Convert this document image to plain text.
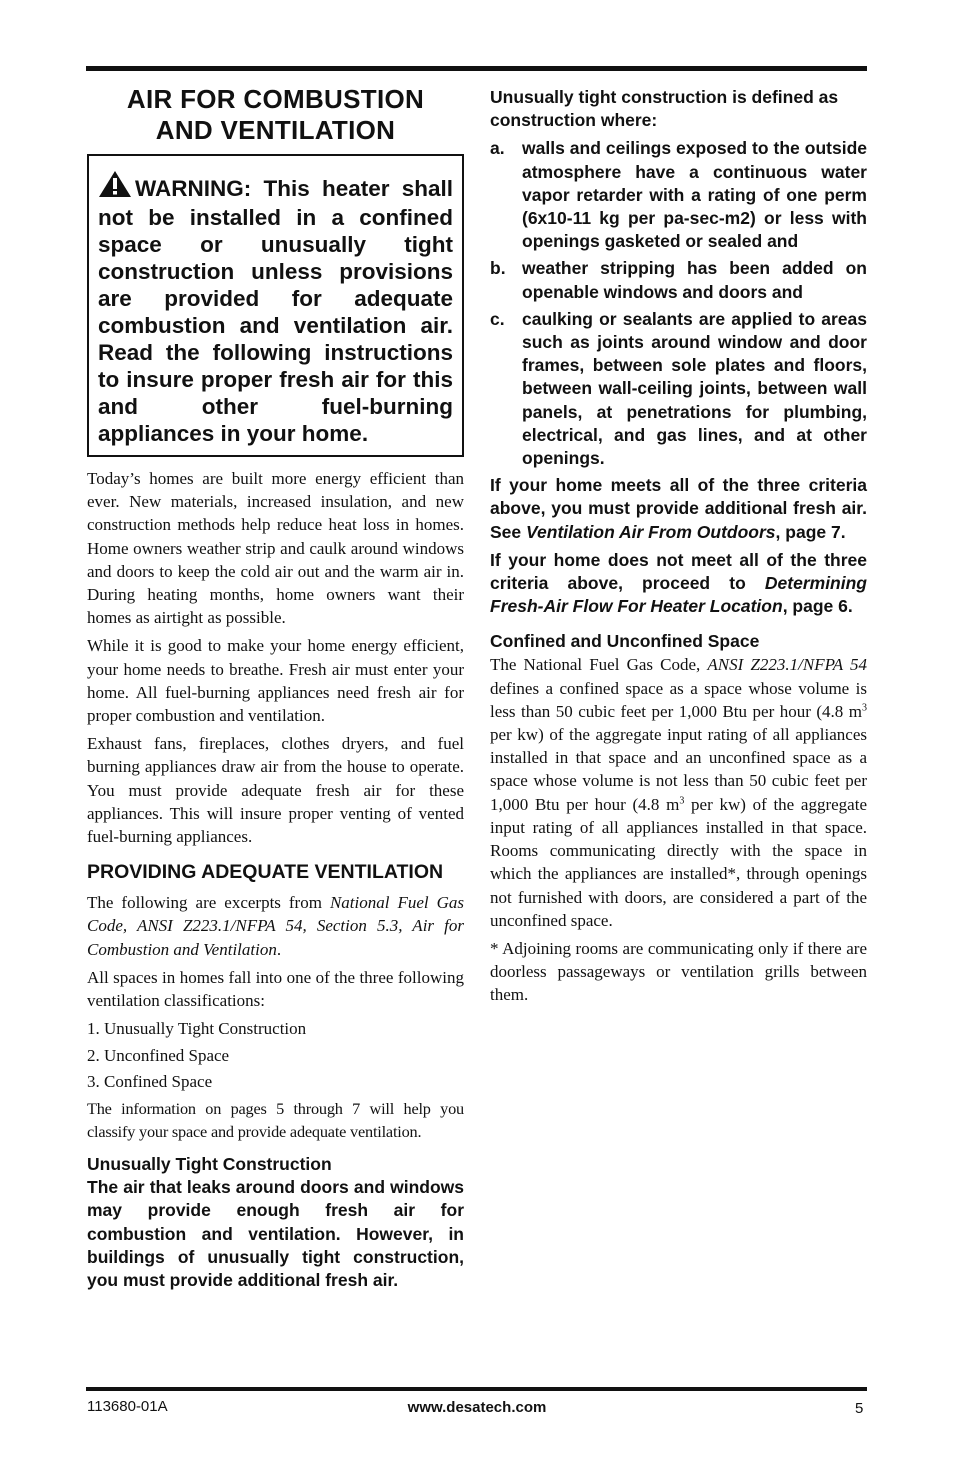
AIR FOR COMBUSTION
AND VENTILATION
WARNING: This heater shall not be installed in a confined space or unusually tight construction unless provisions are provided for adequate combustion and ventilation air. Read the following instructions to insure proper fresh air for this and other fuel-burning appliances in your home.

Today’s homes are built more energy efficient than ever. New materials, increased insulation, and new construction methods help reduce heat loss in homes. Home owners weather strip and caulk around windows and doors to keep the cold air out and the warm air in. During heating months, home owners want their homes as airtight as possible.

While it is good to make your home energy efficient, your home needs to breathe. Fresh air must enter your home. All fuel-burning appliances need fresh air for proper combustion and ventilation.

Exhaust fans, fireplaces, clothes dryers, and fuel burning appliances draw air from the house to operate. You must provide adequate fresh air for these appliances. This will insure proper venting of vented fuel-burning appliances.

PROVIDING ADEQUATE VENTILATION

The following are excerpts from National Fuel Gas Code, ANSI Z223.1/NFPA 54, Section 5.3, Air for Combustion and Ventilation.

All spaces in homes fall into one of the three following ventilation classifications:

1. Unusually Tight Construction
2. Unconfined Space
3. Confined Space

The information on pages 5 through 7 will help you classify your space and provide adequate ventilation.

Unusually Tight Construction

The air that leaks around doors and windows may provide enough fresh air for combustion and ventilation. However, in buildings of unusually tight construction, you must provide additional fresh air.

Unusually tight construction is defined as construction where:

a. walls and ceilings exposed to the outside atmosphere have a continuous water vapor retarder with a rating of one perm (6x10-11 kg per pa-sec-m2) or less with openings gasketed or sealed and
b. weather stripping has been added on openable windows and doors and
c. caulking or sealants are applied to areas such as joints around window and door frames, between sole plates and floors, between wall-ceiling joints, between wall panels, at penetrations for plumbing, electrical, and gas lines, and at other openings.

If your home meets all of the three criteria above, you must provide additional fresh air. See Ventilation Air From Outdoors, page 7.

If your home does not meet all of the three criteria above, proceed to Determining Fresh-Air Flow For Heater Location, page 6.

Confined and Unconfined Space

The National Fuel Gas Code, ANSI Z223.1/NFPA 54 defines a confined space as a space whose volume is less than 50 cubic feet per 1,000 Btu per hour (4.8 $m^3$ per kw) of the aggregate input rating of all appliances installed in that space and an unconfined space as a space whose volume is not less than 50 cubic feet per 1,000 Btu per hour (4.8 $m^3$ per kw) of the aggregate input rating of all appliances installed in that space. Rooms communicating directly with the space in which the appliances are installed*, through openings not furnished with doors, are considered a part of the unconfined space.

* Adjoining rooms are communicating only if there are doorless passageways or ventilation grills between them.

113680-01A	www.desatech.com	5
